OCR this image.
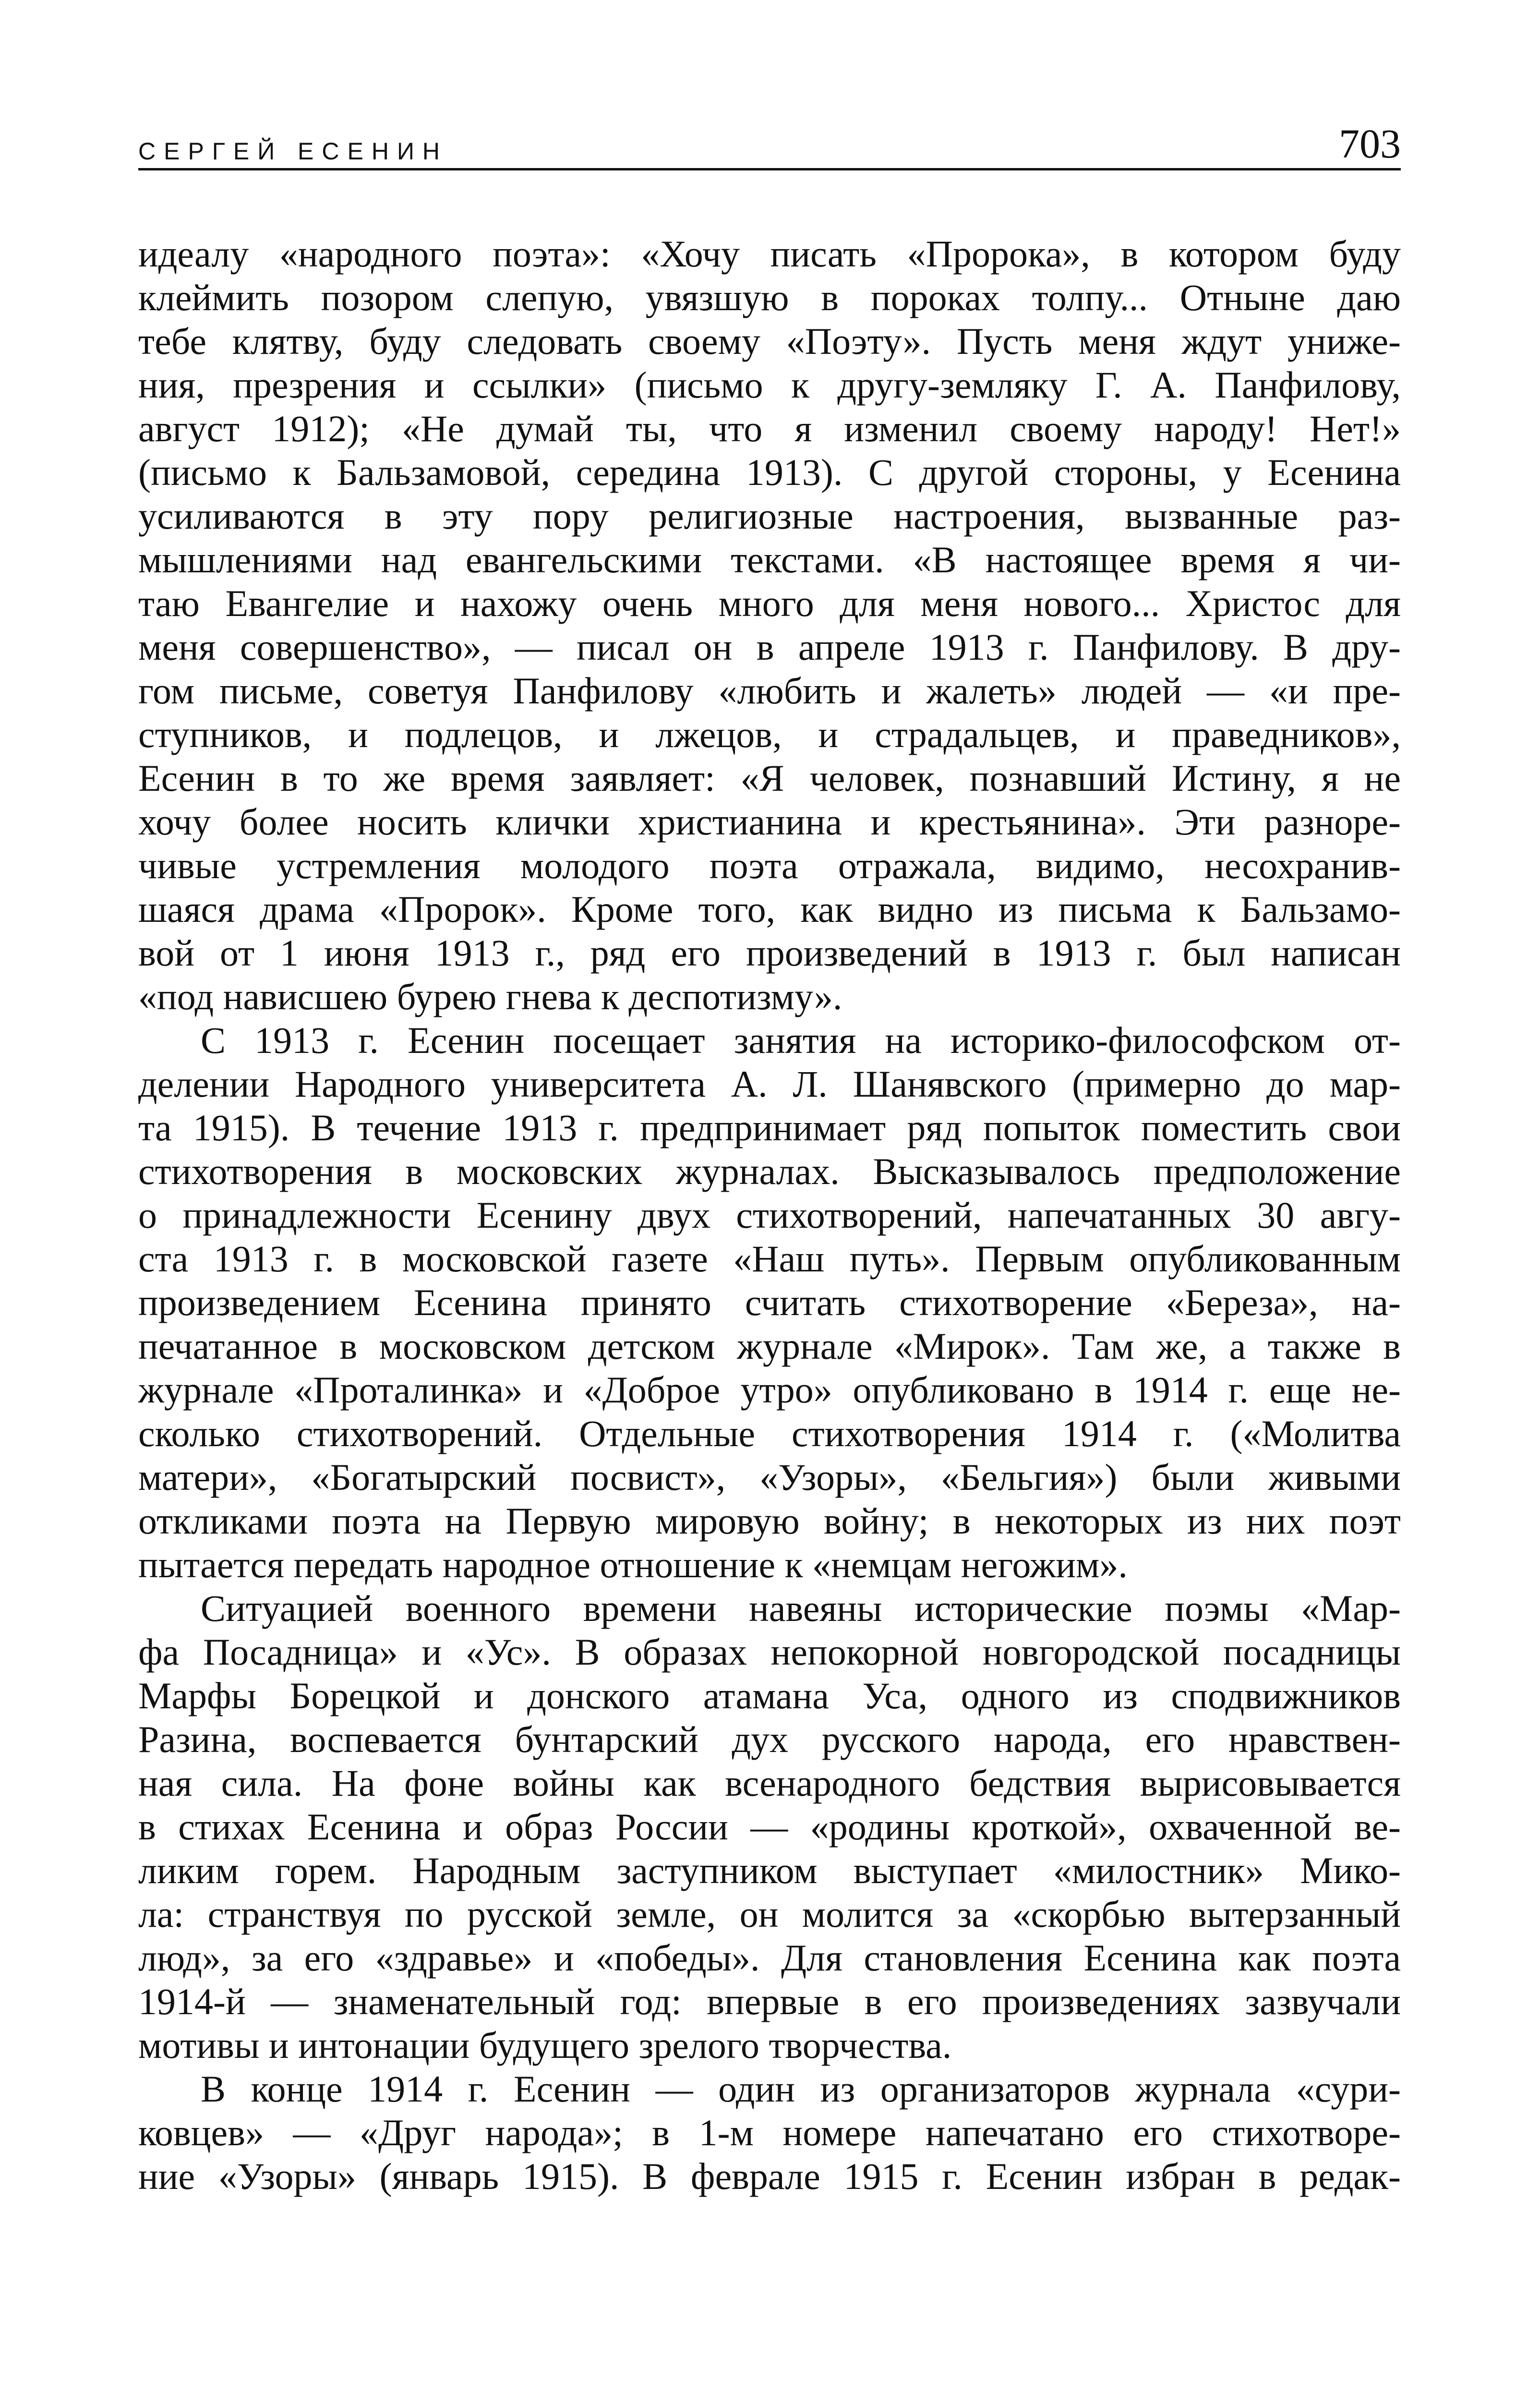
СЕРГЕЙ ЕСЕНИН	703

идеалу «народного поэта»: «Хочу писать «Пророка», в котором буду
клеймить позором слепую, увязшую в пороках толпу... Отныне даю
тебе клятву, буду следовать своему «Поэту». Пусть меня ждут униже-
ния, презрения и ссылки» (письмо к другу-земляку Г. А. Панфилову,
август 1912); «Не думай ты, что я изменил своему народу! Нет!»
(письмо к Бальзамовой, середина 1913). С другой стороны, у Есенина
усиливаются в эту пору религиозные настроения, вызванные раз-
мышлениями над евангельскими текстами. «В настоящее время я чи-
таю Евангелие и нахожу очень много для меня нового... Христос для
меня совершенство», — писал он в апреле 1913 г. Панфилову. В дру-
гом письме, советуя Панфилову «любить и жалеть» людей — «и пре-
ступников, и подлецов, и лжецов, и страдальцев, и праведников»,
Есенин в то же время заявляет: «Я человек, познавший Истину, я не
хочу более носить клички христианина и крестьянина». Эти разноре-
чивые устремления молодого поэта отражала, видимо, несохранив-
шаяся драма «Пророк». Кроме того, как видно из письма к Бальзамо-
вой от 1 июня 1913 г., ряд его произведений в 1913 г. был написан
«под нависшею бурею гнева к деспотизму».

С 1913 г. Есенин посещает занятия на историко-философском от-
делении Народного университета А. Л. Шанявского (примерно до мар-
та 1915). В течение 1913 г. предпринимает ряд попыток поместить свои
стихотворения в московских журналах. Высказывалось предположение
о принадлежности Есенину двух стихотворений, напечатанных 30 авгу-
ста 1913 г. в московской газете «Наш путь». Первым опубликованным
произведением Есенина принято считать стихотворение «Береза», на-
печатанное в московском детском журнале «Мирок». Там же, а также в
журнале «Проталинка» и «Доброе утро» опубликовано в 1914 г. еще не-
сколько стихотворений. Отдельные стихотворения 1914 г. («Молитва
матери», «Богатырский посвист», «Узоры», «Бельгия») были живыми
откликами поэта на Первую мировую войну; в некоторых из них поэт
пытается передать народное отношение к «немцам негожим».

Ситуацией военного времени навеяны исторические поэмы «Мар-
фа Посадница» и «Ус». В образах непокорной новгородской посадницы
Марфы Борецкой и донского атамана Уса, одного из сподвижников
Разина, воспевается бунтарский дух русского народа, его нравствен-
ная сила. На фоне войны как всенародного бедствия вырисовывается
в стихах Есенина и образ России — «родины кроткой», охваченной ве-
ликим горем. Народным заступником выступает «милостник» Мико-
ла: странствуя по русской земле, он молится за «скорбью вытерзанный
люд», за его «здравье» и «победы». Для становления Есенина как поэта
1914-й — знаменательный год: впервые в его произведениях зазвучали
мотивы и интонации будущего зрелого творчества.

В конце 1914 г. Есенин — один из организаторов журнала «сури-
ковцев» — «Друг народа»; в 1-м номере напечатано его стихотворе-
ние «Узоры» (январь 1915). В феврале 1915 г. Есенин избран в редак-
